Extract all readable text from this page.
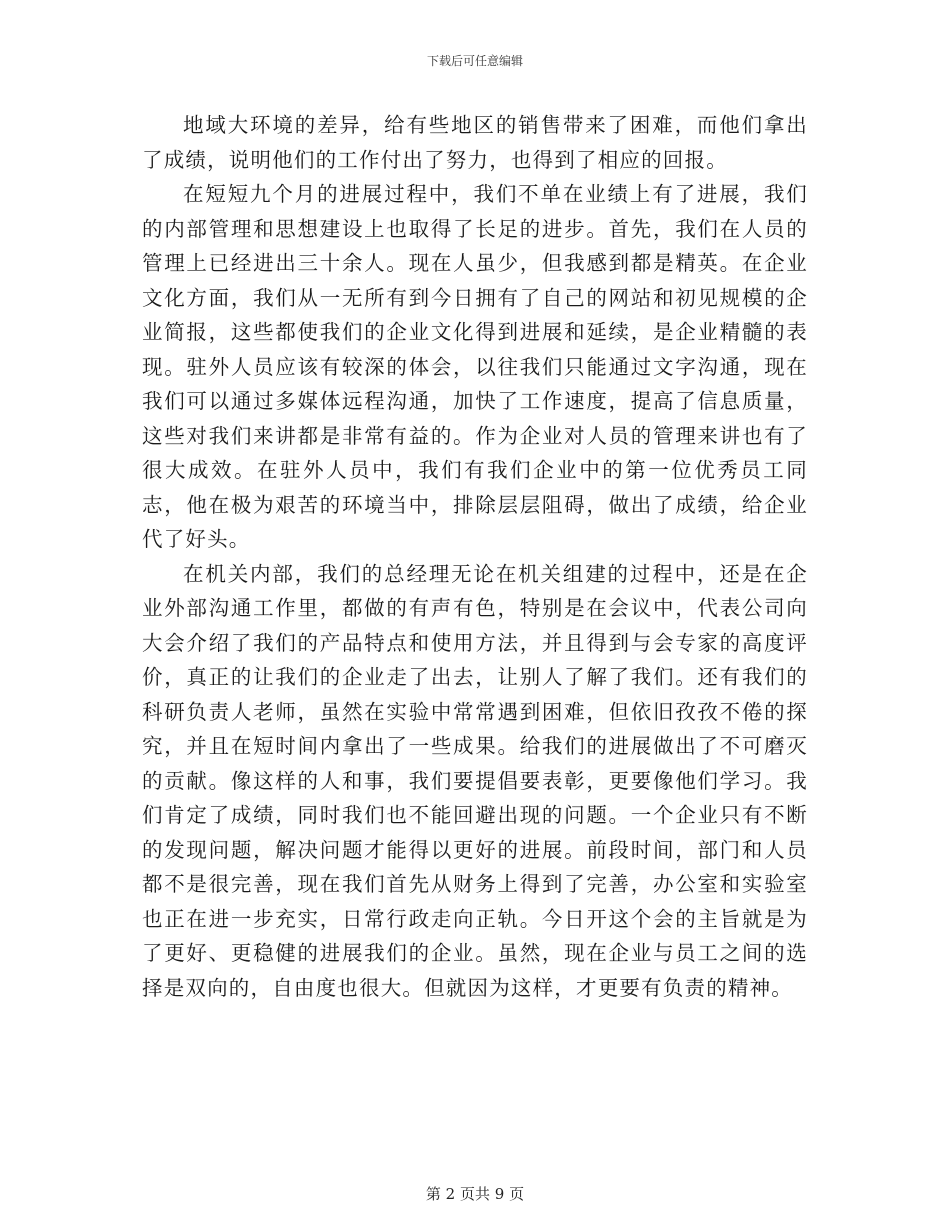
下载后可任意编辑

地域大环境的差异，给有些地区的销售带来了困难，而他们拿出了成绩，说明他们的工作付出了努力，也得到了相应的回报。

在短短九个月的进展过程中，我们不单在业绩上有了进展，我们的内部管理和思想建设上也取得了长足的进步。首先，我们在人员的管理上已经进出三十余人。现在人虽少，但我感到都是精英。在企业文化方面，我们从一无所有到今日拥有了自己的网站和初见规模的企业简报，这些都使我们的企业文化得到进展和延续，是企业精髓的表现。驻外人员应该有较深的体会，以往我们只能通过文字沟通，现在我们可以通过多媒体远程沟通，加快了工作速度，提高了信息质量，这些对我们来讲都是非常有益的。作为企业对人员的管理来讲也有了很大成效。在驻外人员中，我们有我们企业中的第一位优秀员工同志，他在极为艰苦的环境当中，排除层层阻碍，做出了成绩，给企业代了好头。

在机关内部，我们的总经理无论在机关组建的过程中，还是在企业外部沟通工作里，都做的有声有色，特别是在会议中，代表公司向大会介绍了我们的产品特点和使用方法，并且得到与会专家的高度评价，真正的让我们的企业走了出去，让别人了解了我们。还有我们的科研负责人老师，虽然在实验中常常遇到困难，但依旧孜孜不倦的探究，并且在短时间内拿出了一些成果。给我们的进展做出了不可磨灭的贡献。像这样的人和事，我们要提倡要表彰，更要像他们学习。我们肯定了成绩，同时我们也不能回避出现的问题。一个企业只有不断的发现问题，解决问题才能得以更好的进展。前段时间，部门和人员都不是很完善，现在我们首先从财务上得到了完善，办公室和实验室也正在进一步充实，日常行政走向正轨。今日开这个会的主旨就是为了更好、更稳健的进展我们的企业。虽然，现在企业与员工之间的选择是双向的，自由度也很大。但就因为这样，才更要有负责的精神。

第 2 页共 9 页
